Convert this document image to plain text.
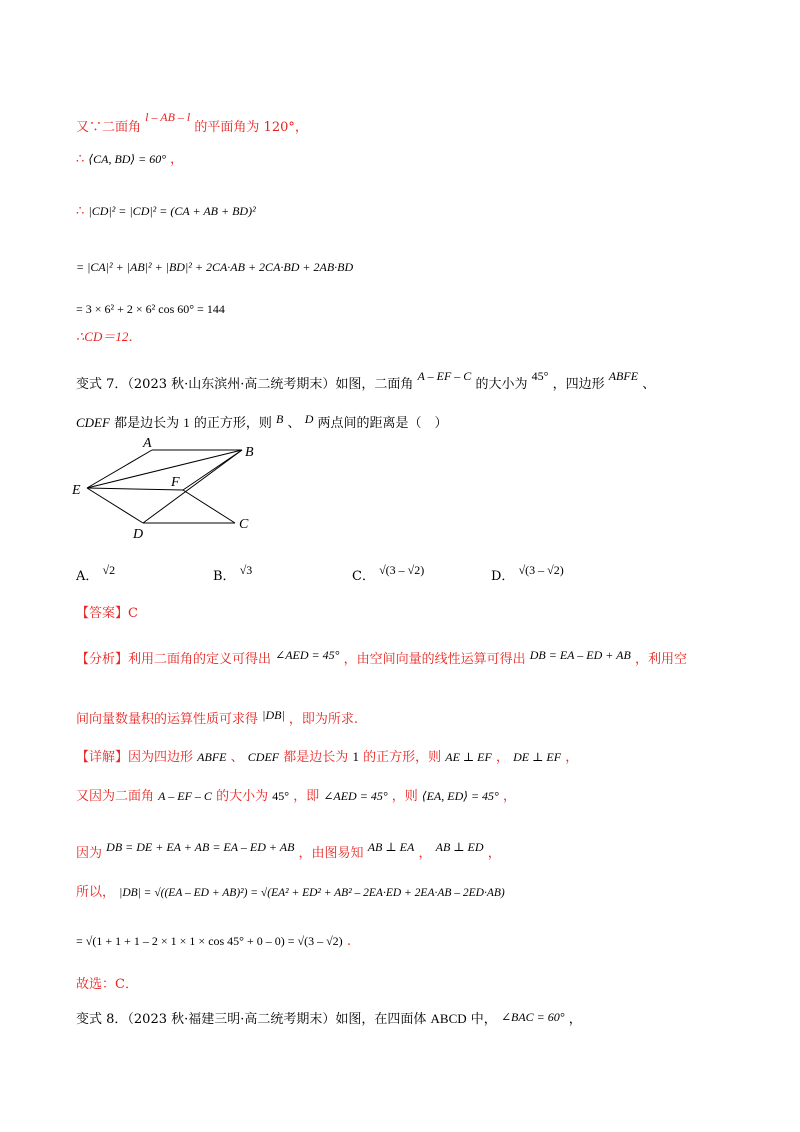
又∵二面角 l – AB – l 的平面角为 120°，
∴ ⟨CA, BD⟩ = 60° ，
∴ |CD|² = |CD|² = (CA + AB + BD)²
= |CA|² + |AB|² + |BD|² + 2CA·AB + 2CA·BD + 2AB·BD
= 3 × 6² + 2 × 6² cos 60° = 144
∴CD＝12．
变式 7．（2023 秋·山东滨州·高二统考期末）如图，二面角 A – EF – C 的大小为 45° ，四边形 ABFE 、
CDEF 都是边长为 1 的正方形，则 B 、 D 两点间的距离是（　）
A
B
E
F
D
C
A． √2	B． √3	C． √(3 – √2)	D． √(3 – √2)
【答案】C
【分析】利用二面角的定义可得出 ∠AED = 45° ，由空间向量的线性运算可得出 DB = EA – ED + AB ，利用空
间向量数量积的运算性质可求得 |DB| ，即为所求.
【详解】因为四边形 ABFE 、 CDEF 都是边长为 1 的正方形，则 AE ⊥ EF ， DE ⊥ EF ，
又因为二面角 A – EF – C 的大小为 45° ，即 ∠AED = 45° ，则 ⟨EA, ED⟩ = 45° ，
因为 DB = DE + EA + AB = EA – ED + AB ，由图易知 AB ⊥ EA ， AB ⊥ ED ，
所以， |DB| = √((EA – ED + AB)²) = √(EA² + ED² + AB² – 2EA·ED + 2EA·AB – 2ED·AB)
= √(1 + 1 + 1 – 2 × 1 × 1 × cos 45° + 0 – 0) = √(3 – √2) .
故选：C．
变式 8．（2023 秋·福建三明·高二统考期末）如图，在四面体 ABCD 中， ∠BAC = 60° ，
